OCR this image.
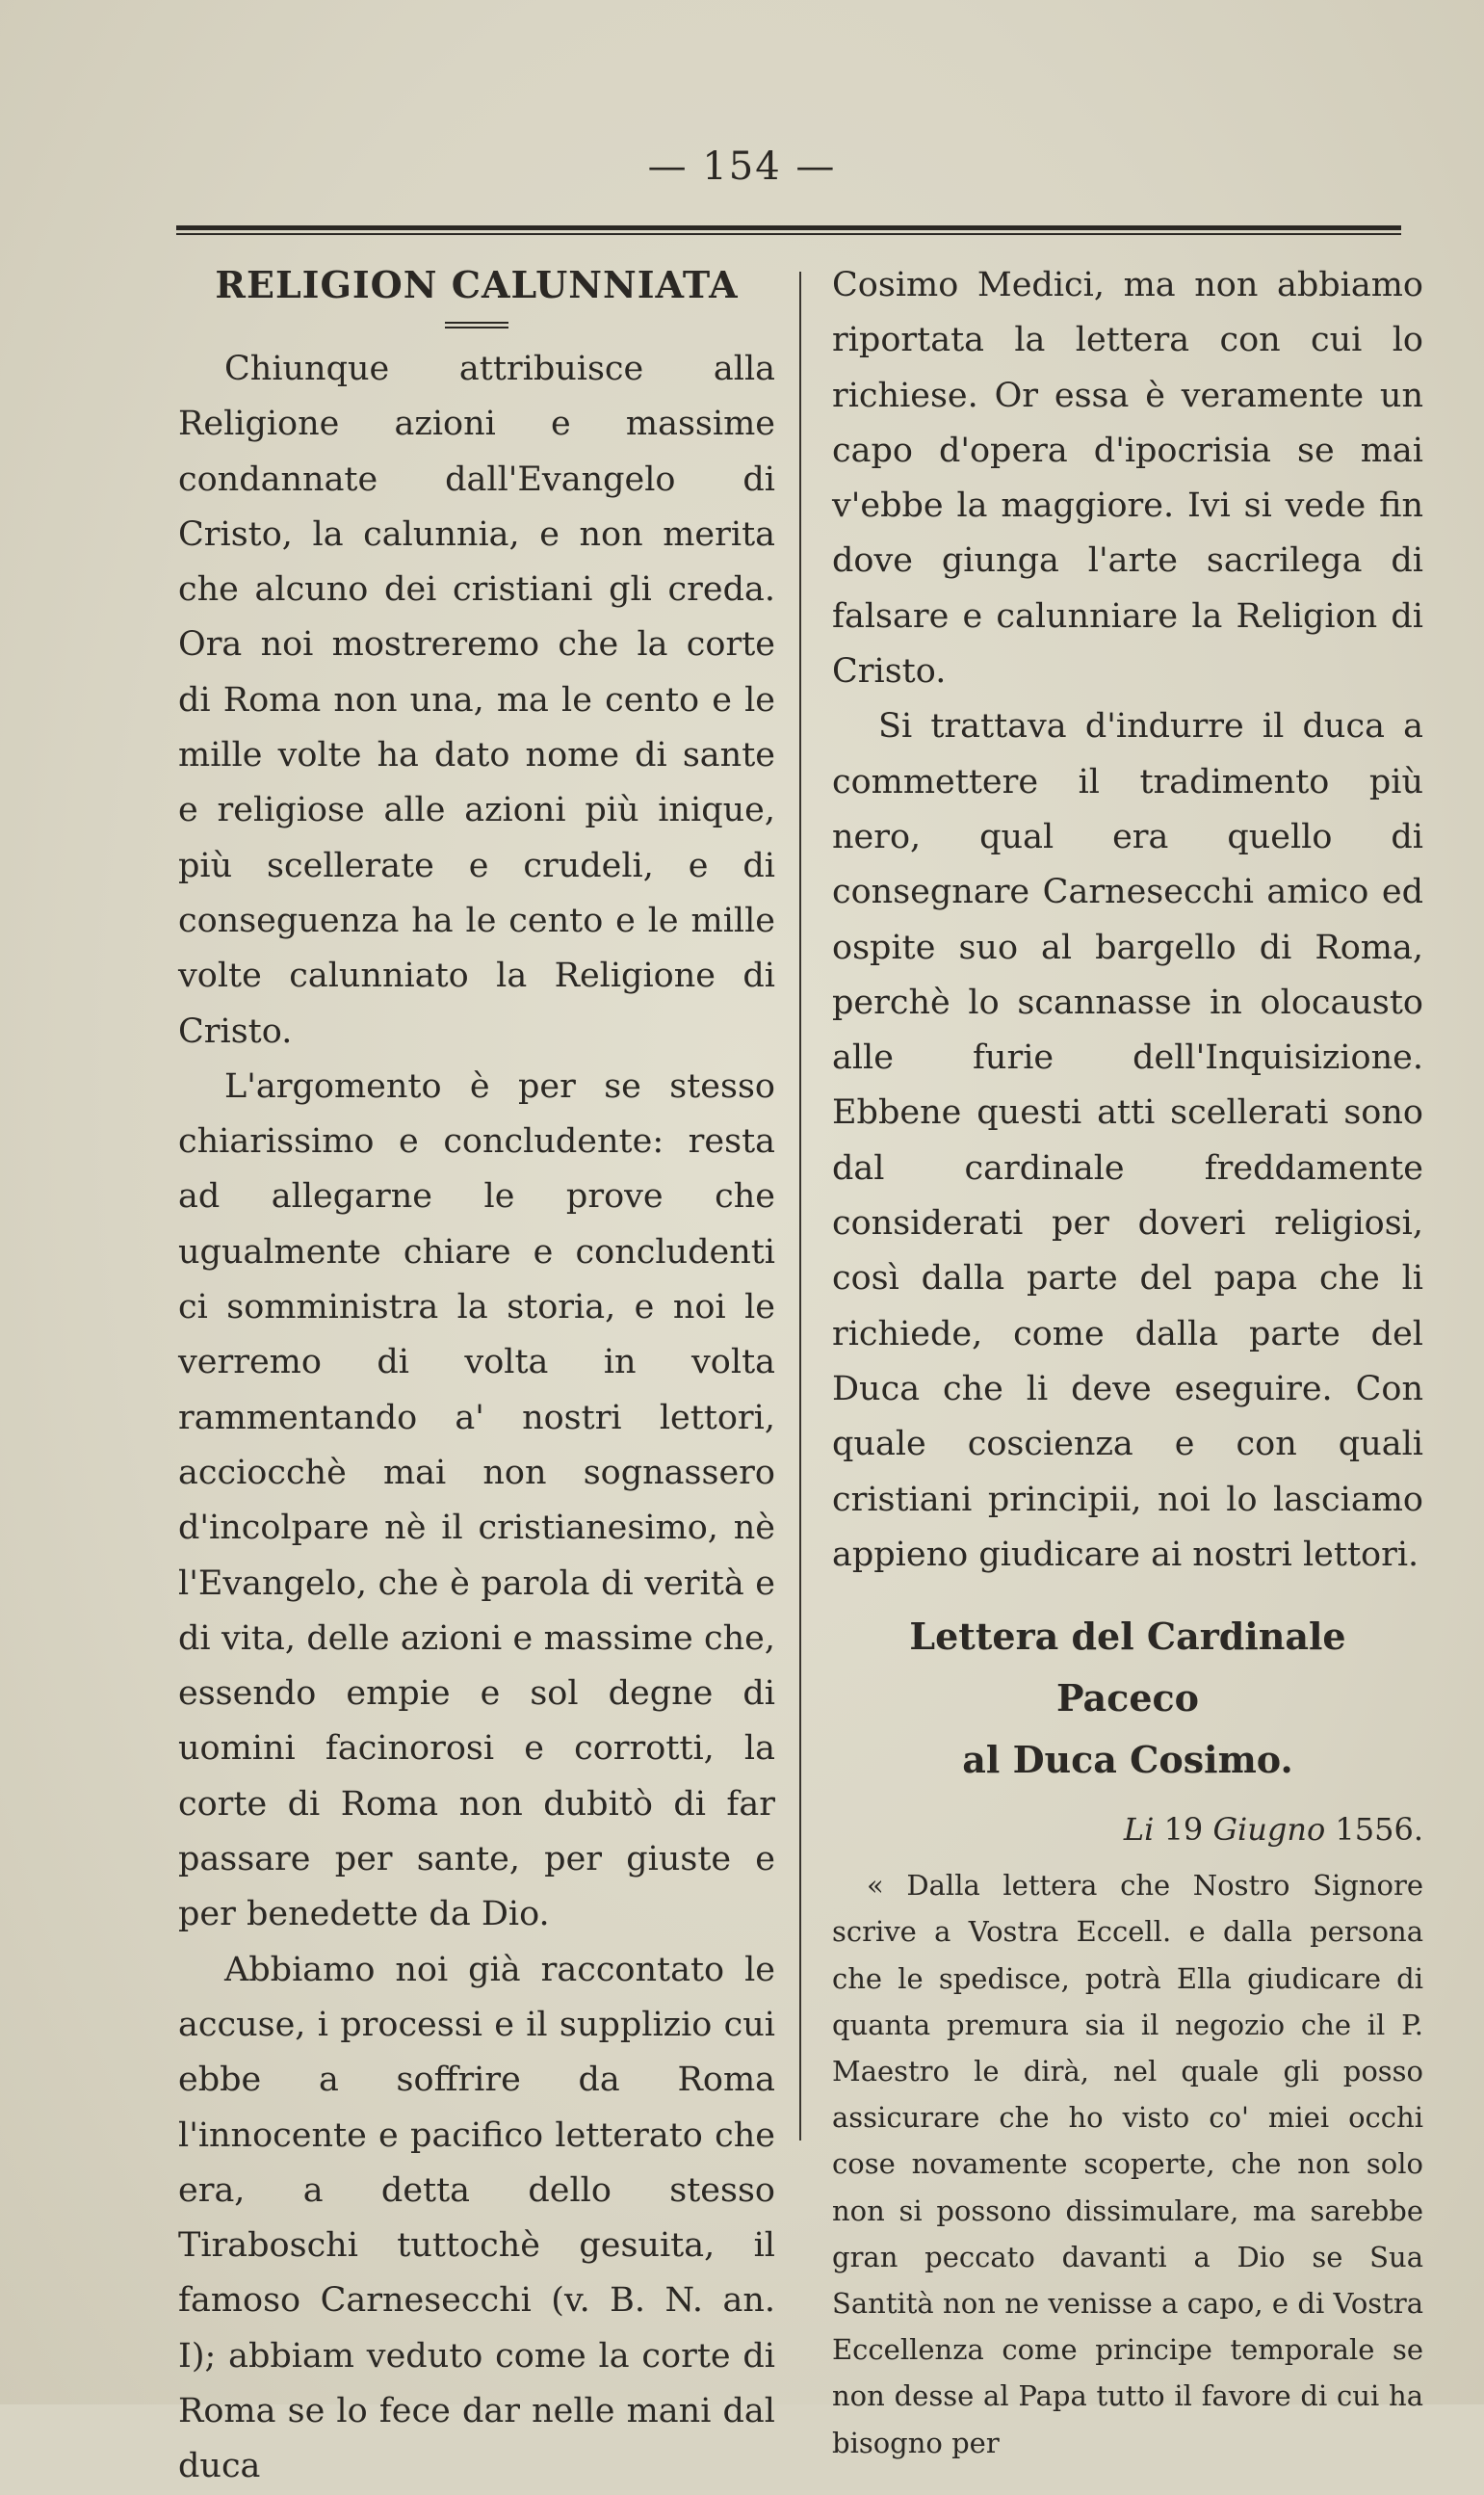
— 154 —
RELIGION CALUNNIATA

Chiunque attribuisce alla Religione azioni e massime condannate dall'Evangelo di Cristo, la calunnia, e non merita che alcuno dei cristiani gli creda. Ora noi mostreremo che la corte di Roma non una, ma le cento e le mille volte ha dato nome di sante e religiose alle azioni più inique, più scellerate e crudeli, e di conseguenza ha le cento e le mille volte calunniato la Religione di Cristo.

L'argomento è per se stesso chiarissimo e concludente: resta ad allegarne le prove che ugualmente chiare e concludenti ci somministra la storia, e noi le verremo di volta in volta rammentando a' nostri lettori, acciocchè mai non sognassero d'incolpare nè il cristianesimo, nè l'Evangelo, che è parola di verità e di vita, delle azioni e massime che, essendo empie e sol degne di uomini facinorosi e corrotti, la corte di Roma non dubitò di far passare per sante, per giuste e per benedette da Dio.

Abbiamo noi già raccontato le accuse, i processi e il supplizio cui ebbe a soffrire da Roma l'innocente e pacifico letterato che era, a detta dello stesso Tiraboschi tuttochè gesuita, il famoso Carnesecchi (v. B. N. an. I); abbiam veduto come la corte di Roma se lo fece dar nelle mani dal duca

Cosimo Medici, ma non abbiamo riportata la lettera con cui lo richiese. Or essa è veramente un capo d'opera d'ipocrisia se mai v'ebbe la maggiore. Ivi si vede fin dove giunga l'arte sacrilega di falsare e calunniare la Religion di Cristo.

Si trattava d'indurre il duca a commettere il tradimento più nero, qual era quello di consegnare Carnesecchi amico ed ospite suo al bargello di Roma, perchè lo scannasse in olocausto alle furie dell'Inquisizione. Ebbene questi atti scellerati sono dal cardinale freddamente considerati per doveri religiosi, così dalla parte del papa che li richiede, come dalla parte del Duca che li deve eseguire. Con quale coscienza e con quali cristiani principii, noi lo lasciamo appieno giudicare ai nostri lettori.

Lettera del Cardinale Paceco
al Duca Cosimo.
Li 19 Giugno 1556.

« Dalla lettera che Nostro Signore scrive a Vostra Eccell. e dalla persona che le spedisce, potrà Ella giudicare di quanta premura sia il negozio che il P. Maestro le dirà, nel quale gli posso assicurare che ho visto co' miei occhi cose novamente scoperte, che non solo non si possono dissimulare, ma sarebbe gran peccato davanti a Dio se Sua Santità non ne venisse a capo, e di Vostra Eccellenza come principe temporale se non desse al Papa tutto il favore di cui ha bisogno per
